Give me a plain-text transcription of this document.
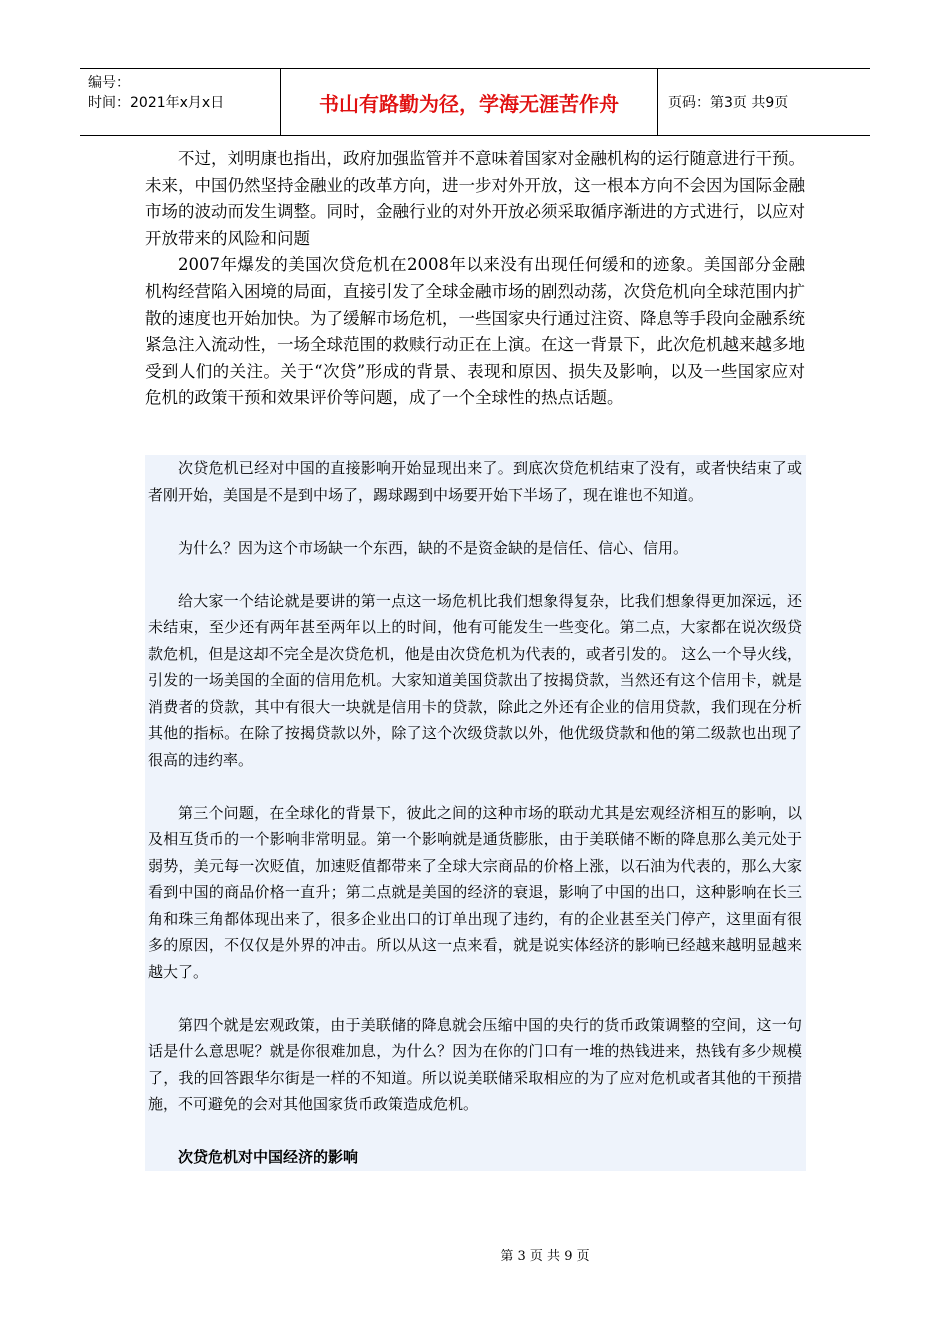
编号：
时间：2021年x月x日	书山有路勤为径，学海无涯苦作舟	页码：第3页 共9页

不过，刘明康也指出，政府加强监管并不意味着国家对金融机构的运行随意进行干预。未来，中国仍然坚持金融业的改革方向，进一步对外开放，这一根本方向不会因为国际金融市场的波动而发生调整。同时，金融行业的对外开放必须采取循序渐进的方式进行，以应对开放带来的风险和问题

2007年爆发的美国次贷危机在2008年以来没有出现任何缓和的迹象。美国部分金融机构经营陷入困境的局面，直接引发了全球金融市场的剧烈动荡，次贷危机向全球范围内扩散的速度也开始加快。为了缓解市场危机，一些国家央行通过注资、降息等手段向金融系统紧急注入流动性，一场全球范围的救赎行动正在上演。在这一背景下，此次危机越来越多地受到人们的关注。关于“次贷”形成的背景、表现和原因、损失及影响，以及一些国家应对危机的政策干预和效果评价等问题，成了一个全球性的热点话题。

次贷危机已经对中国的直接影响开始显现出来了。到底次贷危机结束了没有，或者快结束了或者刚开始，美国是不是到中场了，踢球踢到中场要开始下半场了，现在谁也不知道。

为什么？因为这个市场缺一个东西，缺的不是资金缺的是信任、信心、信用。

给大家一个结论就是要讲的第一点这一场危机比我们想象得复杂，比我们想象得更加深远，还未结束，至少还有两年甚至两年以上的时间，他有可能发生一些变化。第二点，大家都在说次级贷款危机，但是这却不完全是次贷危机，他是由次贷危机为代表的，或者引发的。 这么一个导火线，引发的一场美国的全面的信用危机。大家知道美国贷款出了按揭贷款，当然还有这个信用卡，就是消费者的贷款，其中有很大一块就是信用卡的贷款，除此之外还有企业的信用贷款，我们现在分析其他的指标。在除了按揭贷款以外，除了这个次级贷款以外，他优级贷款和他的第二级款也出现了很高的违约率。

第三个问题，在全球化的背景下，彼此之间的这种市场的联动尤其是宏观经济相互的影响，以及相互货币的一个影响非常明显。第一个影响就是通货膨胀，由于美联储不断的降息那么美元处于弱势，美元每一次贬值，加速贬值都带来了全球大宗商品的价格上涨，以石油为代表的，那么大家看到中国的商品价格一直升；第二点就是美国的经济的衰退，影响了中国的出口，这种影响在长三角和珠三角都体现出来了，很多企业出口的订单出现了违约，有的企业甚至关门停产，这里面有很多的原因，不仅仅是外界的冲击。所以从这一点来看，就是说实体经济的影响已经越来越明显越来越大了。

第四个就是宏观政策，由于美联储的降息就会压缩中国的央行的货币政策调整的空间，这一句话是什么意思呢？就是你很难加息，为什么？因为在你的门口有一堆的热钱进来，热钱有多少规模了，我的回答跟华尔街是一样的不知道。所以说美联储采取相应的为了应对危机或者其他的干预措施，不可避免的会对其他国家货币政策造成危机。

次贷危机对中国经济的影响

第 3 页 共 9 页
